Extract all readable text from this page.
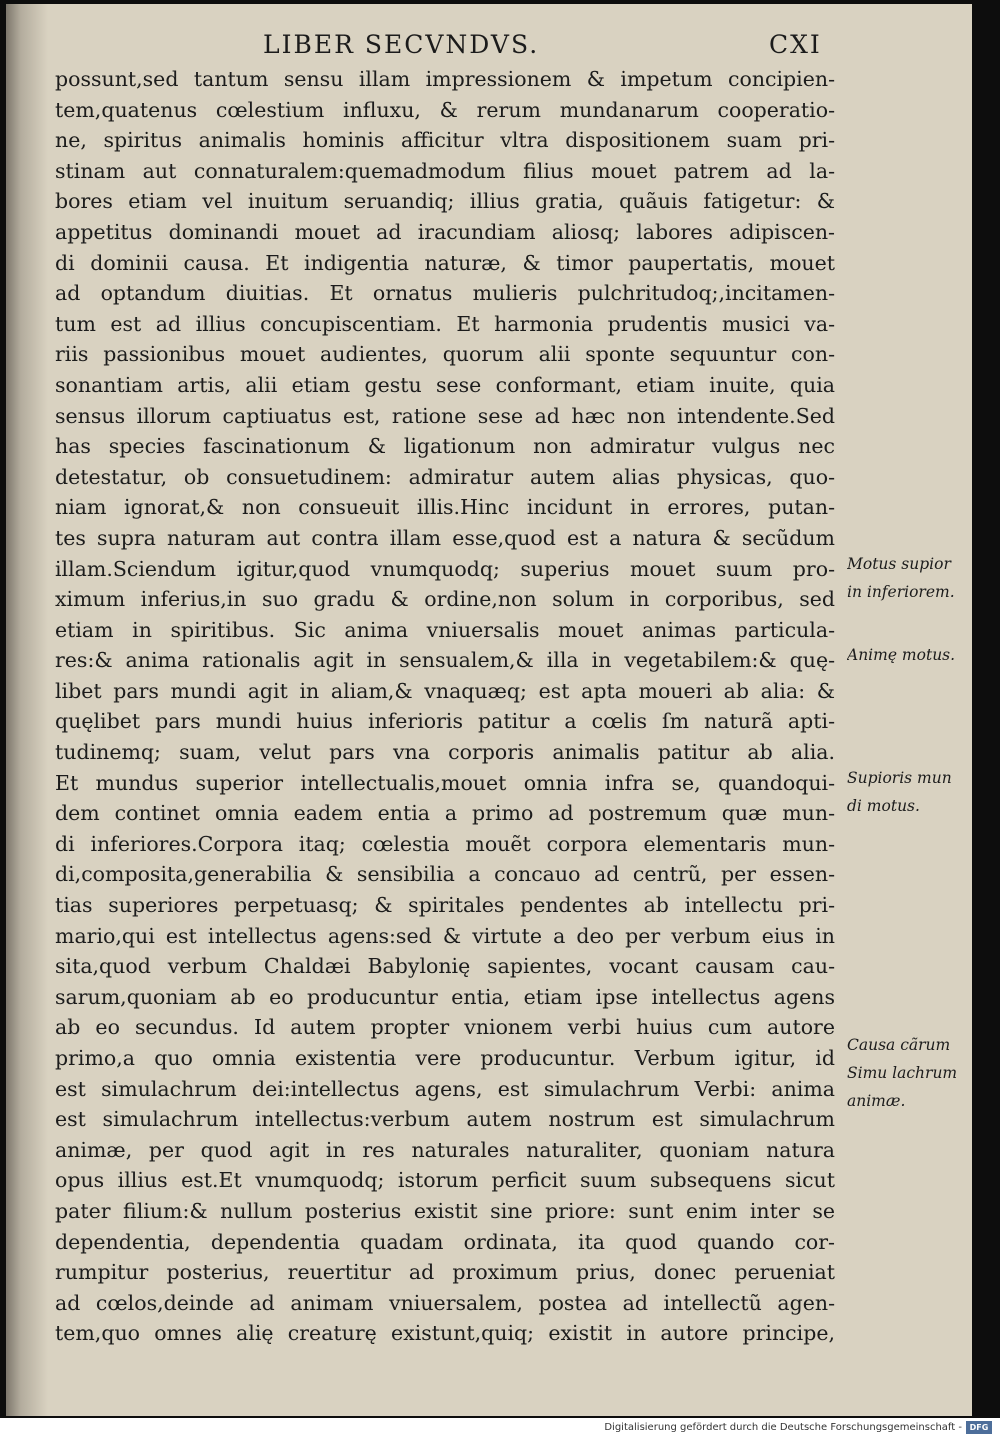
LIBER SECVNDVS.	CXI
possunt,sed tantum sensu illam impressionem & impetum concipien-
tem,quatenus cœlestium influxu, & rerum mundanarum cooperatio-
ne, spiritus animalis hominis afficitur vltra dispositionem suam pri-
stinam aut connaturalem:quemadmodum filius mouet patrem ad la-
bores etiam vel inuitum seruandiq; illius gratia, quãuis fatigetur: &
appetitus dominandi mouet ad iracundiam aliosq; labores adipiscen-
di dominii causa. Et indigentia naturæ, & timor paupertatis, mouet
ad optandum diuitias. Et ornatus mulieris pulchritudoq;,incitamen-
tum est ad illius concupiscentiam. Et harmonia prudentis musici va-
riis passionibus mouet audientes, quorum alii sponte sequuntur con-
sonantiam artis, alii etiam gestu sese conformant, etiam inuite, quia
sensus illorum captiuatus est, ratione sese ad hæc non intendente.Sed
has species fascinationum & ligationum non admiratur vulgus nec
detestatur, ob consuetudinem: admiratur autem alias physicas, quo-
niam ignorat,& non consueuit illis.Hinc incidunt in errores, putan-
tes supra naturam aut contra illam esse,quod est a natura & secũdum
illam.Sciendum igitur,quod vnumquodq; superius mouet suum pro-
ximum inferius,in suo gradu & ordine,non solum in corporibus, sed
etiam in spiritibus. Sic anima vniuersalis mouet animas particula-
res:& anima rationalis agit in sensualem,& illa in vegetabilem:& quę-
libet pars mundi agit in aliam,& vnaquæq; est apta moueri ab alia: &
quęlibet pars mundi huius inferioris patitur a cœlis ſm naturã apti-
tudinemq; suam, velut pars vna corporis animalis patitur ab alia.
Et mundus superior intellectualis,mouet omnia infra se, quandoqui-
dem continet omnia eadem entia a primo ad postremum quæ mun-
di inferiores.Corpora itaq; cœlestia mouẽt corpora elementaris mun-
di,composita,generabilia & sensibilia a concauo ad centrũ, per essen-
tias superiores perpetuasq; & spiritales pendentes ab intellectu pri-
mario,qui est intellectus agens:sed & virtute a deo per verbum eius in
sita,quod verbum Chaldæi Babylonię sapientes, vocant causam cau-
sarum,quoniam ab eo producuntur entia, etiam ipse intellectus agens
ab eo secundus. Id autem propter vnionem verbi huius cum autore
primo,a quo omnia existentia vere producuntur. Verbum igitur, id
est simulachrum dei:intellectus agens, est simulachrum Verbi: anima
est simulachrum intellectus:verbum autem nostrum est simulachrum
animæ, per quod agit in res naturales naturaliter, quoniam natura
opus illius est.Et vnumquodq; istorum perficit suum subsequens sicut
pater filium:& nullum posterius existit sine priore: sunt enim inter se
dependentia, dependentia quadam ordinata, ita quod quando cor-
rumpitur posterius, reuertitur ad proximum prius, donec perueniat
ad cœlos,deinde ad animam vniuersalem, postea ad intellectũ agen-
tem,quo omnes alię creaturę existunt,quiq; existit in autore principe,
Motus supior
in inferiorem.
Animę motus.
Supioris mun
di motus.
Causa cãrum
Simu lachrum
animæ.
Digitalisierung gefördert durch die Deutsche Forschungsgemeinschaft - DFG
